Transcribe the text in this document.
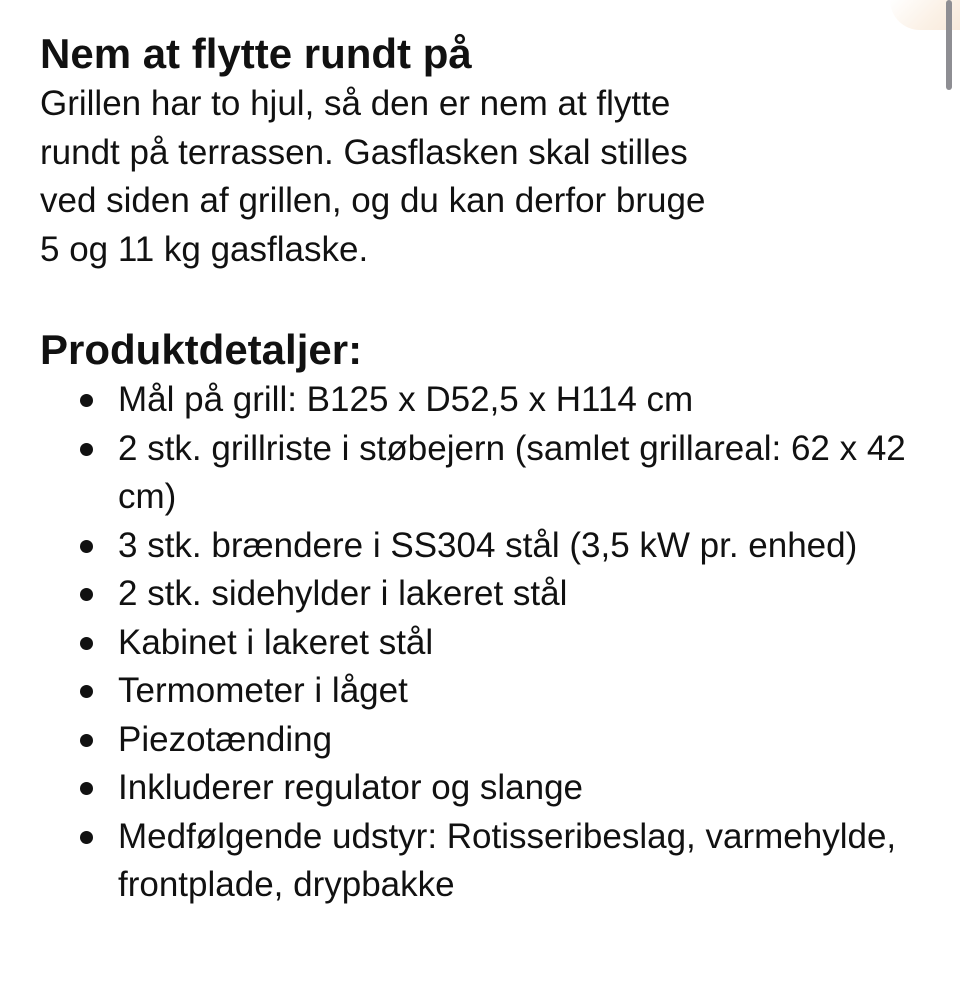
Nem at flytte rundt på

Grillen har to hjul, så den er nem at flytte
rundt på terrassen. Gasflasken skal stilles
ved siden af grillen, og du kan derfor bruge
5 og 11 kg gasflaske.

Produktdetaljer:
Mål på grill: B125 x D52,5 x H114 cm
2 stk. grillriste i støbejern (samlet grillareal: 62 x 42 cm)
3 stk. brændere i SS304 stål (3,5 kW pr. enhed)
2 stk. sidehylder i lakeret stål
Kabinet i lakeret stål
Termometer i låget
Piezotænding
Inkluderer regulator og slange
Medfølgende udstyr: Rotisseribeslag, varmehylde, frontplade, drypbakke
